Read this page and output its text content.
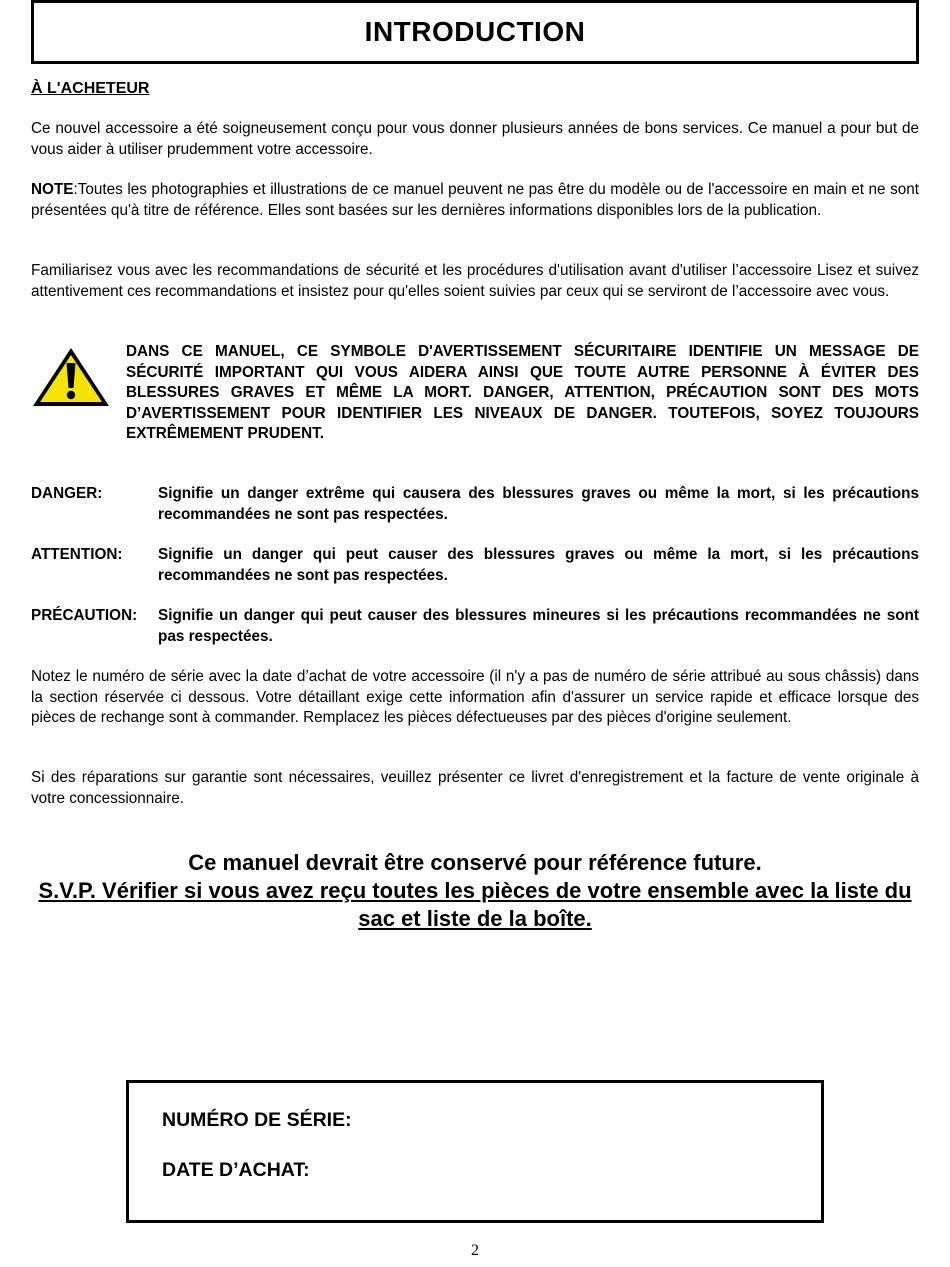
INTRODUCTION
À L'ACHETEUR
Ce nouvel accessoire a été soigneusement conçu pour vous donner plusieurs années de bons services. Ce manuel a pour but de vous aider à utiliser prudemment votre accessoire.
NOTE:Toutes les photographies et illustrations de ce manuel peuvent ne pas être du modèle ou de l'accessoire en main et ne sont présentées qu'à titre de référence. Elles sont basées sur les dernières informations disponibles lors de la publication.
Familiarisez vous avec les recommandations de sécurité et les procédures d'utilisation avant d'utiliser l’accessoire Lisez et suivez attentivement ces recommandations et insistez pour qu'elles soient suivies par ceux qui se serviront de l’accessoire avec vous.
DANS CE MANUEL, CE SYMBOLE D'AVERTISSEMENT SÉCURITAIRE IDENTIFIE UN MESSAGE DE SÉCURITÉ IMPORTANT QUI VOUS AIDERA AINSI QUE TOUTE AUTRE PERSONNE À ÉVITER DES BLESSURES GRAVES ET MÊME LA MORT. DANGER, ATTENTION, PRÉCAUTION SONT DES MOTS D’AVERTISSEMENT POUR IDENTIFIER LES NIVEAUX DE DANGER. TOUTEFOIS, SOYEZ TOUJOURS EXTRÊMEMENT PRUDENT.
DANGER:	Signifie un danger extrême qui causera des blessures graves ou même la mort, si les précautions recommandées ne sont pas respectées.
ATTENTION: Signifie un danger qui peut causer des blessures graves ou même la mort, si les précautions recommandées ne sont pas respectées.
PRÉCAUTION: Signifie un danger qui peut causer des blessures mineures si les précautions recommandées ne sont pas respectées.
Notez le numéro de série avec la date d’achat de votre accessoire (il n'y a pas de numéro de série attribué au sous châssis) dans la section réservée ci dessous. Votre détaillant exige cette information afin d'assurer un service rapide et efficace lorsque des pièces de rechange sont à commander. Remplacez les pièces défectueuses par des pièces d'origine seulement.
Si des réparations sur garantie sont nécessaires, veuillez présenter ce livret d'enregistrement et la facture de vente originale à votre concessionnaire.
Ce manuel devrait être conservé pour référence future.
S.V.P. Vérifier si vous avez reçu toutes les pièces de votre ensemble avec la liste du sac et liste de la boîte.
NUMÉRO DE SÉRIE:
DATE D’ACHAT:
2
